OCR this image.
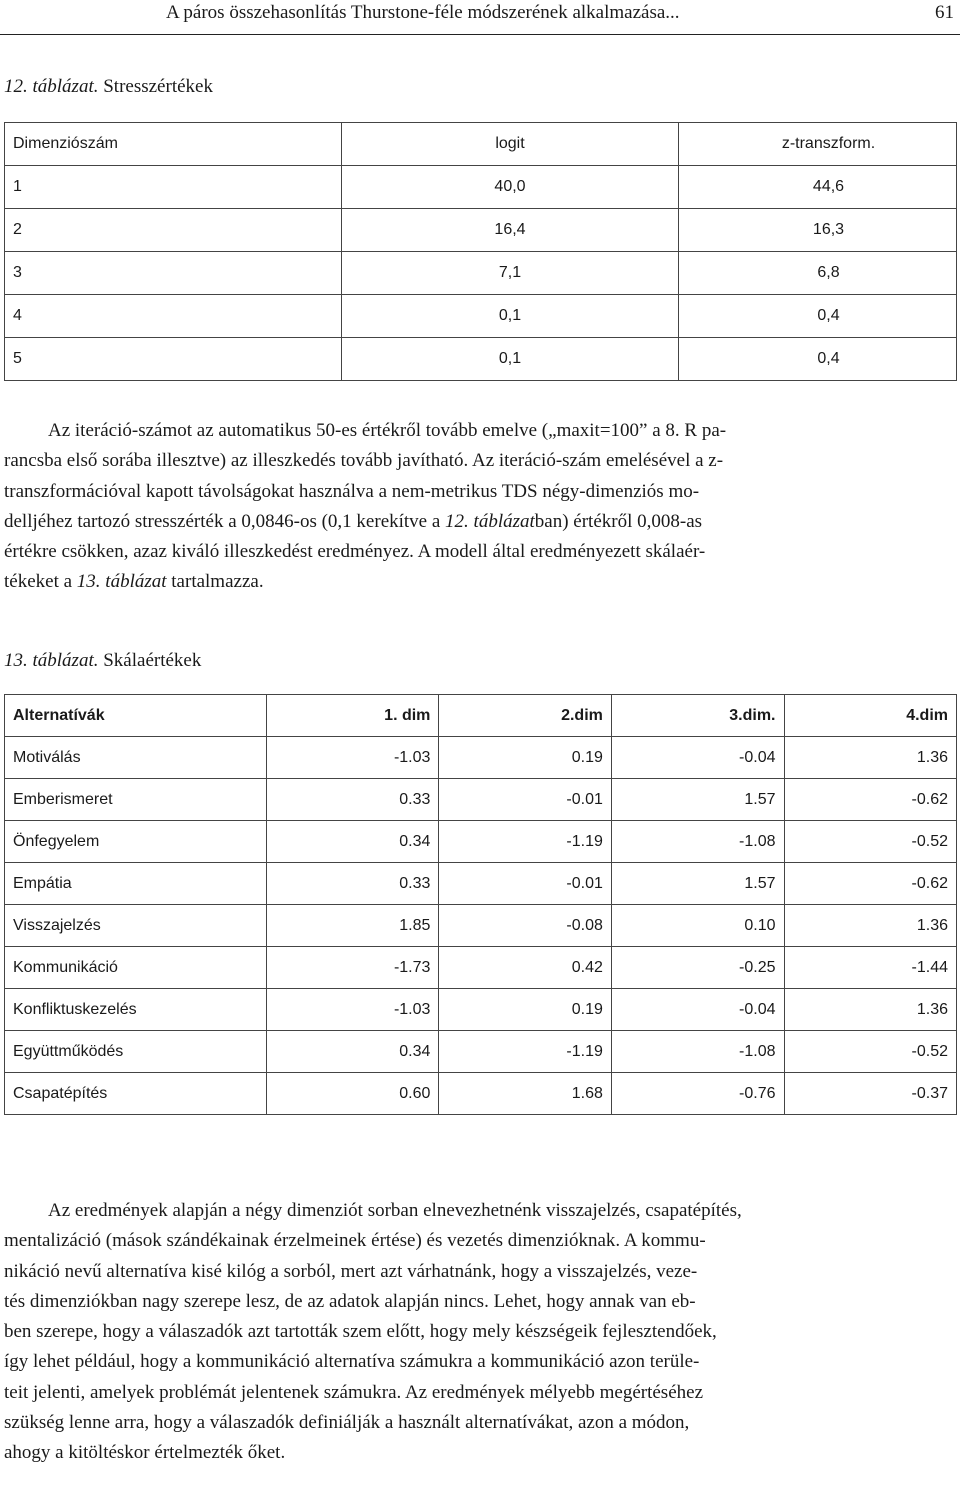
A páros összehasonlítás Thurstone-féle módszerének alkalmazása...	61
12. táblázat. Stresszértékek
Dimenziószám	logit	z-transzform.
1	40,0	44,6
2	16,4	16,3
3	7,1	6,8
4	0,1	0,4
5	0,1	0,4
Az iteráció-számot az automatikus 50-es értékről tovább emelve („maxit=100” a 8. R pa-
rancsba első sorába illesztve) az illeszkedés tovább javítható. Az iteráció-szám emelésével a z-
transzformációval kapott távolságokat használva a nem-metrikus TDS négy-dimenziós mo-
delljéhez tartozó stresszérték a 0,0846-os (0,1 kerekítve a 12. táblázatban) értékről 0,008-as
értékre csökken, azaz kiváló illeszkedést eredményez. A modell által eredményezett skálaér-
tékeket a 13. táblázat tartalmazza.
13. táblázat. Skálaértékek
Alternatívák	1. dim	2.dim	3.dim.	4.dim
Motiválás	-1.03	0.19	-0.04	1.36
Emberismeret	0.33	-0.01	1.57	-0.62
Önfegyelem	0.34	-1.19	-1.08	-0.52
Empátia	0.33	-0.01	1.57	-0.62
Visszajelzés	1.85	-0.08	0.10	1.36
Kommunikáció	-1.73	0.42	-0.25	-1.44
Konfliktuskezelés	-1.03	0.19	-0.04	1.36
Együttműködés	0.34	-1.19	-1.08	-0.52
Csapatépítés	0.60	1.68	-0.76	-0.37
Az eredmények alapján a négy dimenziót sorban elnevezhetnénk visszajelzés, csapatépítés,
mentalizáció (mások szándékainak érzelmeinek értése) és vezetés dimenzióknak. A kommu-
nikáció nevű alternatíva kisé kilóg a sorból, mert azt várhatnánk, hogy a visszajelzés, veze-
tés dimenziókban nagy szerepe lesz, de az adatok alapján nincs. Lehet, hogy annak van eb-
ben szerepe, hogy a válaszadók azt tartották szem előtt, hogy mely készségeik fejlesztendőek,
így lehet például, hogy a kommunikáció alternatíva számukra a kommunikáció azon terüle-
teit jelenti, amelyek problémát jelentenek számukra. Az eredmények mélyebb megértéséhez
szükség lenne arra, hogy a válaszadók definiálják a használt alternatívákat, azon a módon,
ahogy a kitöltéskor értelmezték őket.
